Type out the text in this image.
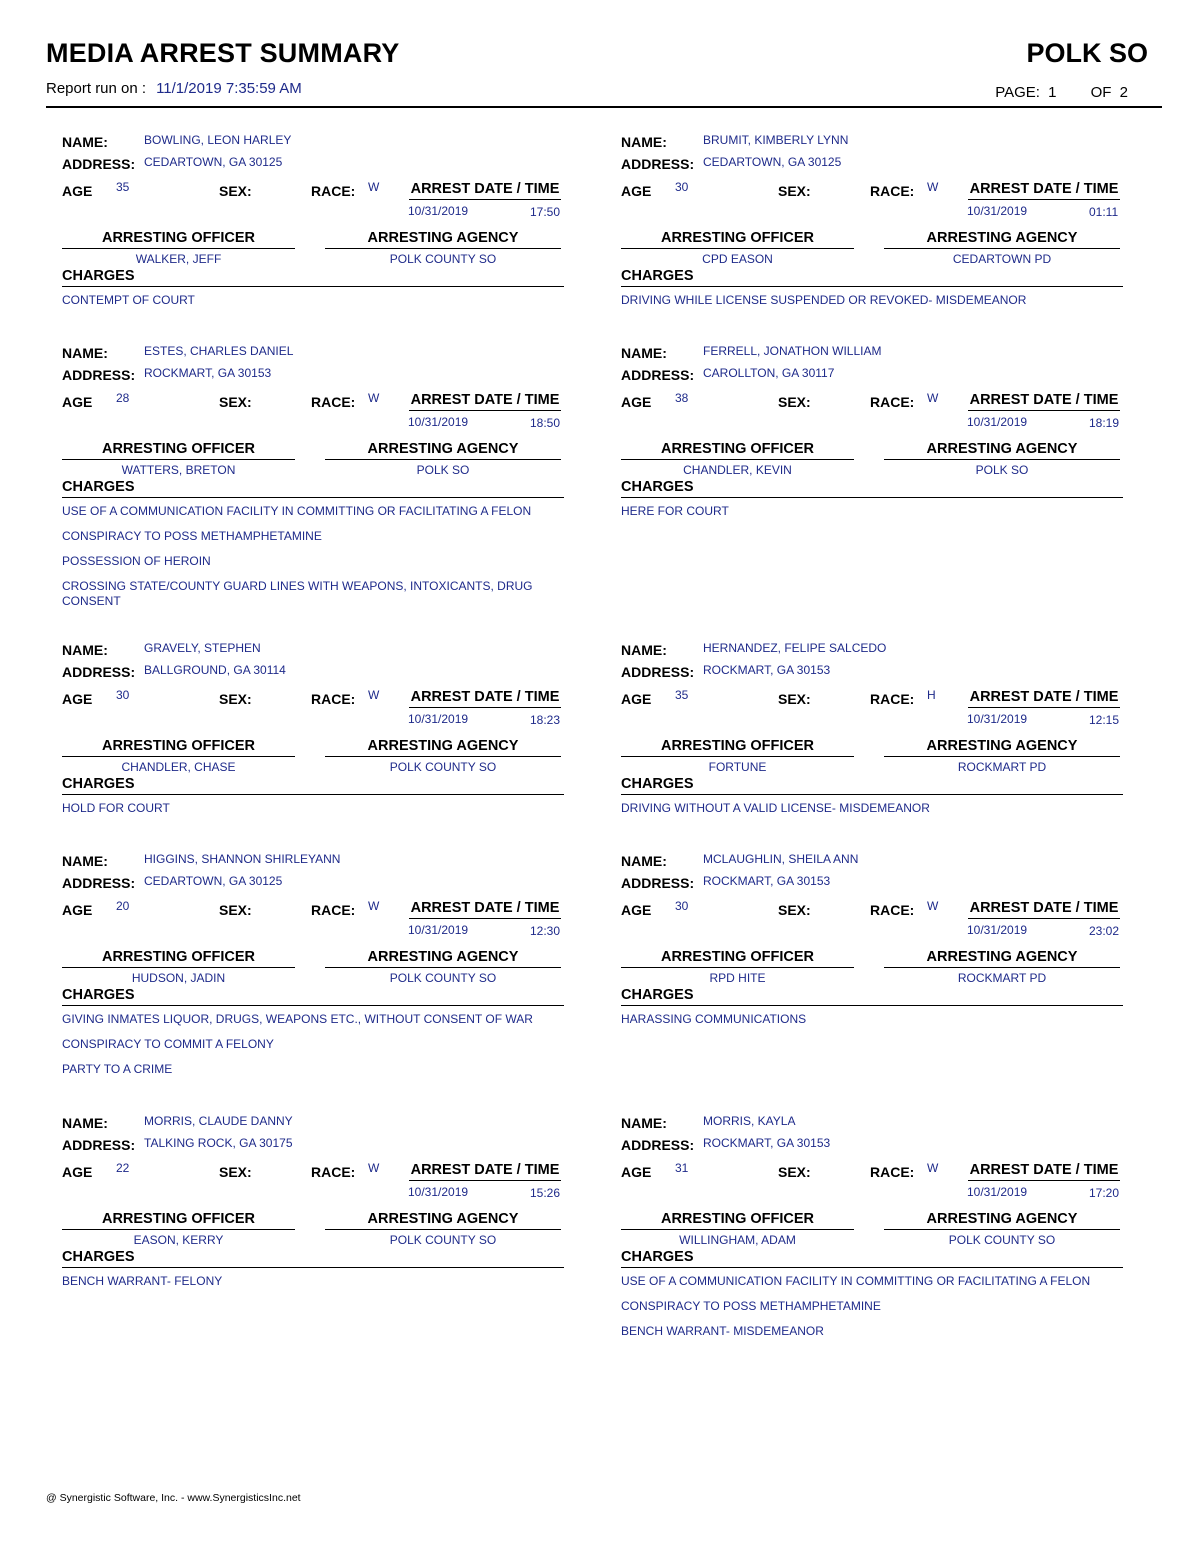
MEDIA ARREST SUMMARY	POLK SO
Report run on : 11/1/2019 7:35:59 AM	PAGE: 1 OF 2
NAME:	BOWLING, LEON HARLEY
ADDRESS: CEDARTOWN, GA 30125
AGE 35	SEX:	RACE: W ARREST DATE / TIME
10/31/2019	17:50
ARRESTING OFFICER
WALKER, JEFF
ARRESTING AGENCY
POLK COUNTY SO
CHARGES
CONTEMPT OF COURT
NAME:	BRUMIT, KIMBERLY LYNN
ADDRESS: CEDARTOWN, GA 30125
AGE 30	SEX:	RACE: W ARREST DATE / TIME
10/31/2019	01:11
ARRESTING OFFICER
CPD EASON
ARRESTING AGENCY
CEDARTOWN PD
CHARGES
DRIVING WHILE LICENSE SUSPENDED OR REVOKED- MISDEMEANOR
NAME:	ESTES, CHARLES DANIEL
ADDRESS: ROCKMART, GA 30153
AGE 28	SEX:	RACE: W ARREST DATE / TIME
10/31/2019	18:50
ARRESTING OFFICER
WATTERS, BRETON
ARRESTING AGENCY
POLK SO
CHARGES
USE OF A COMMUNICATION FACILITY IN COMMITTING OR FACILITATING A FELON
CONSPIRACY TO POSS METHAMPHETAMINE
POSSESSION OF HEROIN
CROSSING STATE/COUNTY GUARD LINES WITH WEAPONS, INTOXICANTS, DRUG CONSENT
NAME:	FERRELL, JONATHON WILLIAM
ADDRESS: CAROLLTON, GA 30117
AGE 38	SEX:	RACE: W ARREST DATE / TIME
10/31/2019	18:19
ARRESTING OFFICER
CHANDLER, KEVIN
ARRESTING AGENCY
POLK SO
CHARGES
HERE FOR COURT
NAME:	GRAVELY, STEPHEN
ADDRESS: BALLGROUND, GA 30114
AGE 30	SEX:	RACE: W ARREST DATE / TIME
10/31/2019	18:23
ARRESTING OFFICER
CHANDLER, CHASE
ARRESTING AGENCY
POLK COUNTY SO
CHARGES
HOLD FOR COURT
NAME:	HERNANDEZ, FELIPE SALCEDO
ADDRESS: ROCKMART, GA 30153
AGE 35	SEX:	RACE: H ARREST DATE / TIME
10/31/2019	12:15
ARRESTING OFFICER
FORTUNE
ARRESTING AGENCY
ROCKMART PD
CHARGES
DRIVING WITHOUT A VALID LICENSE- MISDEMEANOR
NAME:	HIGGINS, SHANNON SHIRLEYANN
ADDRESS: CEDARTOWN, GA 30125
AGE 20	SEX:	RACE: W ARREST DATE / TIME
10/31/2019	12:30
ARRESTING OFFICER
HUDSON, JADIN
ARRESTING AGENCY
POLK COUNTY SO
CHARGES
GIVING INMATES LIQUOR, DRUGS, WEAPONS ETC., WITHOUT CONSENT OF WAR
CONSPIRACY TO COMMIT A FELONY
PARTY TO A CRIME
NAME:	MCLAUGHLIN, SHEILA ANN
ADDRESS: ROCKMART, GA 30153
AGE 30	SEX:	RACE: W ARREST DATE / TIME
10/31/2019	23:02
ARRESTING OFFICER
RPD HITE
ARRESTING AGENCY
ROCKMART PD
CHARGES
HARASSING COMMUNICATIONS
NAME:	MORRIS, CLAUDE DANNY
ADDRESS: TALKING ROCK, GA 30175
AGE 22	SEX:	RACE: W ARREST DATE / TIME
10/31/2019	15:26
ARRESTING OFFICER
EASON, KERRY
ARRESTING AGENCY
POLK COUNTY SO
CHARGES
BENCH WARRANT- FELONY
NAME:	MORRIS, KAYLA
ADDRESS: ROCKMART, GA 30153
AGE 31	SEX:	RACE: W ARREST DATE / TIME
10/31/2019	17:20
ARRESTING OFFICER
WILLINGHAM, ADAM
ARRESTING AGENCY
POLK COUNTY SO
CHARGES
USE OF A COMMUNICATION FACILITY IN COMMITTING OR FACILITATING A FELON
CONSPIRACY TO POSS METHAMPHETAMINE
BENCH WARRANT- MISDEMEANOR
@ Synergistic Software, Inc. - www.SynergisticsInc.net
